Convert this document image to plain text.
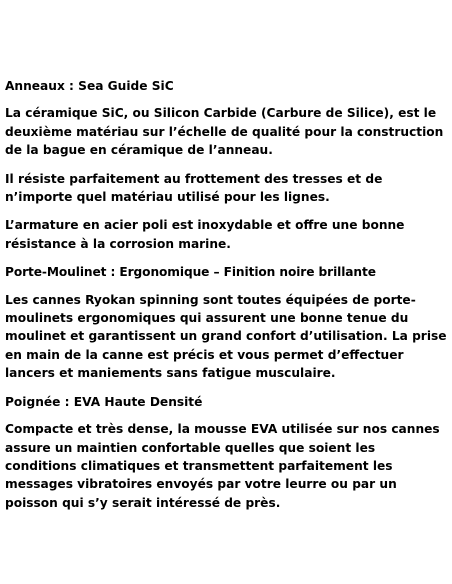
Anneaux : Sea Guide SiC

La céramique SiC, ou Silicon Carbide (Carbure de Silice), est le deuxième matériau sur l’échelle de qualité pour la construction de la bague en céramique de l’anneau.

Il résiste parfaitement au frottement des tresses et de n’importe quel matériau utilisé pour les lignes.

L’armature en acier poli est inoxydable et offre une bonne résistance à la corrosion marine.

Porte-Moulinet : Ergonomique – Finition noire brillante

Les cannes Ryokan spinning sont toutes équipées de porte-moulinets ergonomiques qui assurent une bonne tenue du moulinet et garantissent un grand confort d’utilisation. La prise en main de la canne est précis et vous permet d’effectuer lancers et maniements sans fatigue musculaire.

Poignée : EVA Haute Densité

Compacte et très dense, la mousse EVA utilisée sur nos cannes assure un maintien confortable quelles que soient les conditions climatiques et transmettent parfaitement les messages vibratoires envoyés par votre leurre ou par un poisson qui s’y serait intéressé de près.
